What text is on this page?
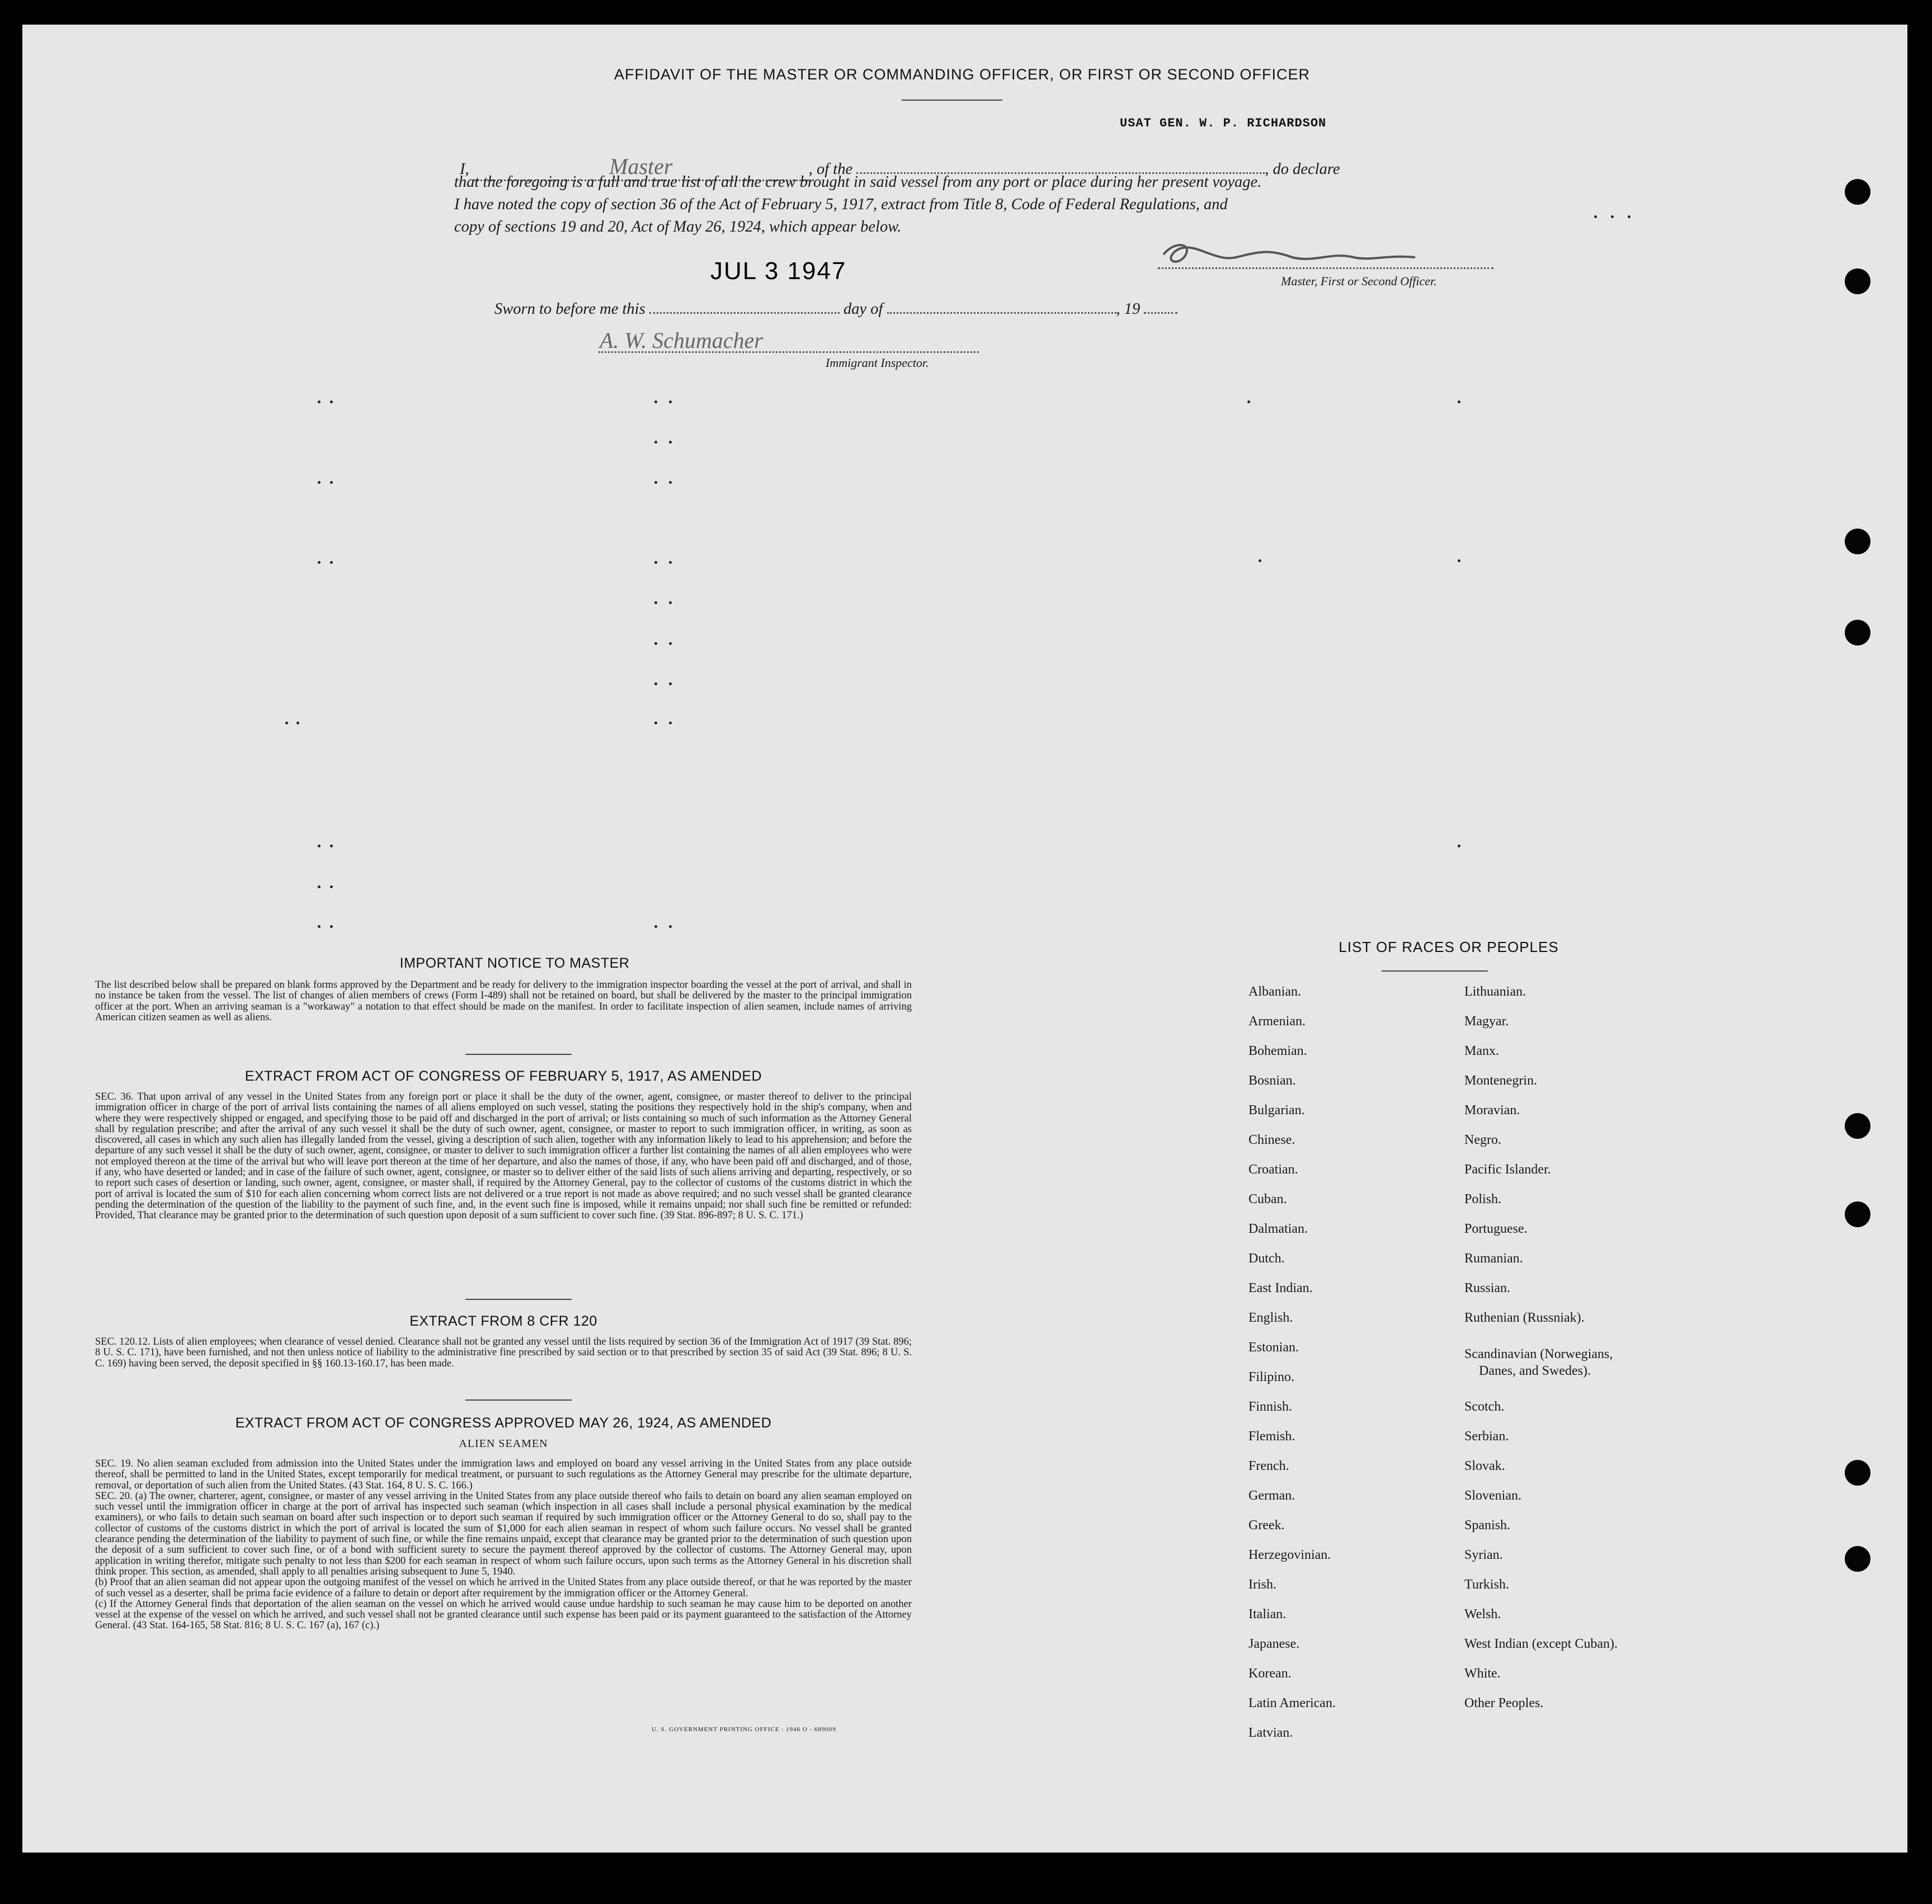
AFFIDAVIT OF THE MASTER OR COMMANDING OFFICER, OR FIRST OR SECOND OFFICER
I,	Master	, of the	, do declare
USAT GEN. W. P. RICHARDSON
that the foregoing is a full and true list of all the crew brought in said vessel from any port or place during her present voyage.
I have noted the copy of section 36 of the Act of February 5, 1917, extract from Title 8, Code of Federal Regulations, and
copy of sections 19 and 20, Act of May 26, 1924, which appear below.
Master, First or Second Officer.
Sworn to before me this	day of	, 19
JUL 3 1947
A. W. Schumacher
Immigrant Inspector.
IMPORTANT NOTICE TO MASTER
The list described below shall be prepared on blank forms approved by the Department and be ready for delivery to the immigration inspector boarding the vessel at the port of arrival, and shall in no instance be taken from the vessel. The list of changes of alien members of crews (Form I-489) shall not be retained on board, but shall be delivered by the master to the principal immigration officer at the port. When an arriving seaman is a "workaway" a notation to that effect should be made on the manifest. In order to facilitate inspection of alien seamen, include names of arriving American citizen seamen as well as aliens.
EXTRACT FROM ACT OF CONGRESS OF FEBRUARY 5, 1917, AS AMENDED
SEC. 36. That upon arrival of any vessel in the United States from any foreign port or place it shall be the duty of the owner, agent, consignee, or master thereof to deliver to the principal immigration officer in charge of the port of arrival lists containing the names of all aliens employed on such vessel, stating the positions they respectively hold in the ship's company, when and where they were respectively shipped or engaged, and specifying those to be paid off and discharged in the port of arrival; or lists containing so much of such information as the Attorney General shall by regulation prescribe; and after the arrival of any such vessel it shall be the duty of such owner, agent, consignee, or master to report to such immigration officer, in writing, as soon as discovered, all cases in which any such alien has illegally landed from the vessel, giving a description of such alien, together with any information likely to lead to his apprehension; and before the departure of any such vessel it shall be the duty of such owner, agent, consignee, or master to deliver to such immigration officer a further list containing the names of all alien employees who were not employed thereon at the time of the arrival but who will leave port thereon at the time of her departure, and also the names of those, if any, who have been paid off and discharged, and of those, if any, who have deserted or landed; and in case of the failure of such owner, agent, consignee, or master so to deliver either of the said lists of such aliens arriving and departing, respectively, or so to report such cases of desertion or landing, such owner, agent, consignee, or master shall, if required by the Attorney General, pay to the collector of customs of the customs district in which the port of arrival is located the sum of $10 for each alien concerning whom correct lists are not delivered or a true report is not made as above required; and no such vessel shall be granted clearance pending the determination of the question of the liability to the payment of such fine, and, in the event such fine is imposed, while it remains unpaid; nor shall such fine be remitted or refunded: Provided, That clearance may be granted prior to the determination of such question upon deposit of a sum sufficient to cover such fine. (39 Stat. 896-897; 8 U. S. C. 171.)
EXTRACT FROM 8 CFR 120
SEC. 120.12. Lists of alien employees; when clearance of vessel denied. Clearance shall not be granted any vessel until the lists required by section 36 of the Immigration Act of 1917 (39 Stat. 896; 8 U. S. C. 171), have been furnished, and not then unless notice of liability to the administrative fine prescribed by said section or to that prescribed by section 35 of said Act (39 Stat. 896; 8 U. S. C. 169) having been served, the deposit specified in §§ 160.13-160.17, has been made.
EXTRACT FROM ACT OF CONGRESS APPROVED MAY 26, 1924, AS AMENDED
ALIEN SEAMEN
SEC. 19. No alien seaman excluded from admission into the United States under the immigration laws and employed on board any vessel arriving in the United States from any place outside thereof, shall be permitted to land in the United States, except temporarily for medical treatment, or pursuant to such regulations as the Attorney General may prescribe for the ultimate departure, removal, or deportation of such alien from the United States. (43 Stat. 164, 8 U. S. C. 166.)
SEC. 20. (a) The owner, charterer, agent, consignee, or master of any vessel arriving in the United States from any place outside thereof who fails to detain on board any alien seaman employed on such vessel until the immigration officer in charge at the port of arrival has inspected such seaman (which inspection in all cases shall include a personal physical examination by the medical examiners), or who fails to detain such seaman on board after such inspection or to deport such seaman if required by such immigration officer or the Attorney General to do so, shall pay to the collector of customs of the customs district in which the port of arrival is located the sum of $1,000 for each alien seaman in respect of whom such failure occurs. No vessel shall be granted clearance pending the determination of the liability to payment of such fine, or while the fine remains unpaid, except that clearance may be granted prior to the determination of such question upon the deposit of a sum sufficient to cover such fine, or of a bond with sufficient surety to secure the payment thereof approved by the collector of customs. The Attorney General may, upon application in writing therefor, mitigate such penalty to not less than $200 for each seaman in respect of whom such failure occurs, upon such terms as the Attorney General in his discretion shall think proper. This section, as amended, shall apply to all penalties arising subsequent to June 5, 1940.
(b) Proof that an alien seaman did not appear upon the outgoing manifest of the vessel on which he arrived in the United States from any place outside thereof, or that he was reported by the master of such vessel as a deserter, shall be prima facie evidence of a failure to detain or deport after requirement by the immigration officer or the Attorney General.
(c) If the Attorney General finds that deportation of the alien seaman on the vessel on which he arrived would cause undue hardship to such seaman he may cause him to be deported on another vessel at the expense of the vessel on which he arrived, and such vessel shall not be granted clearance until such expense has been paid or its payment guaranteed to the satisfaction of the Attorney General. (43 Stat. 164-165, 58 Stat. 816; 8 U. S. C. 167 (a), 167 (c).)
U. S. GOVERNMENT PRINTING OFFICE : 1946 O - 689009
LIST OF RACES OR PEOPLES
Albanian.
Armenian.
Bohemian.
Bosnian.
Bulgarian.
Chinese.
Croatian.
Cuban.
Dalmatian.
Dutch.
East Indian.
English.
Estonian.
Filipino.
Finnish.
Flemish.
French.
German.
Greek.
Herzegovinian.
Irish.
Italian.
Japanese.
Korean.
Latin American.
Latvian.
Lithuanian.
Magyar.
Manx.
Montenegrin.
Moravian.
Negro.
Pacific Islander.
Polish.
Portuguese.
Rumanian.
Russian.
Ruthenian (Russniak).
Scandinavian (Norwegians,
Danes, and Swedes).
Scotch.
Serbian.
Slovak.
Slovenian.
Spanish.
Syrian.
Turkish.
Welsh.
West Indian (except Cuban).
White.
Other Peoples.
